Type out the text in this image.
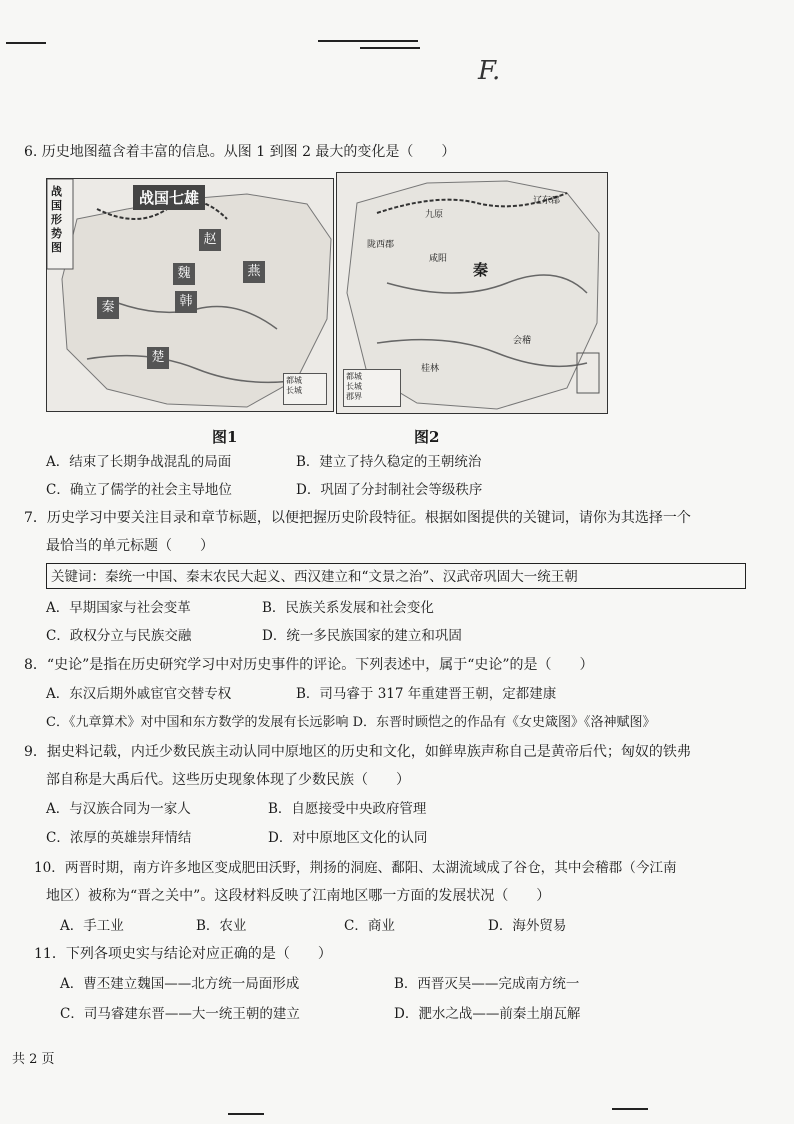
F.
6. 历史地图蕴含着丰富的信息。从图 1 到图 2 最大的变化是（　　）
战国形势图
战国七雄
燕
赵
秦
魏
韩
楚
都城
长城
秦
陇西郡
咸阳
会稽
九原
辽东郡
桂林
都城
长城
郡界
图1	图2
A．结束了长期争战混乱的局面	B．建立了持久稳定的王朝统治
C．确立了儒学的社会主导地位	D．巩固了分封制社会等级秩序
7．历史学习中要关注目录和章节标题，以便把握历史阶段特征。根据如图提供的关键词，请你为其选择一个
最恰当的单元标题（　　）
关键词：秦统一中国、秦末农民大起义、西汉建立和“文景之治”、汉武帝巩固大一统王朝
A．早期国家与社会变革	B．民族关系发展和社会变化
C．政权分立与民族交融	D．统一多民族国家的建立和巩固
8．“史论”是指在历史研究学习中对历史事件的评论。下列表述中，属于“史论”的是（　　）
A．东汉后期外戚宦官交替专权	B．司马睿于 317 年重建晋王朝，定都建康
C．《九章算术》对中国和东方数学的发展有长远影响 D．东晋时顾恺之的作品有《女史箴图》《洛神赋图》
9．据史料记载，内迁少数民族主动认同中原地区的历史和文化，如鲜卑族声称自己是黄帝后代；匈奴的铁弗
部自称是大禹后代。这些历史现象体现了少数民族（　　）
A．与汉族合同为一家人	B．自愿接受中央政府管理
C．浓厚的英雄崇拜情结	D．对中原地区文化的认同
10．两晋时期，南方许多地区变成肥田沃野，荆扬的洞庭、鄱阳、太湖流域成了谷仓，其中会稽郡（今江南
地区）被称为“晋之关中”。这段材料反映了江南地区哪一方面的发展状况（　　）
A．手工业	B．农业	C．商业	D．海外贸易
11．下列各项史实与结论对应正确的是（　　）
A．曹丕建立魏国——北方统一局面形成	B．西晋灭吴——完成南方统一
C．司马睿建东晋——大一统王朝的建立	D．淝水之战——前秦土崩瓦解
共 2 页
